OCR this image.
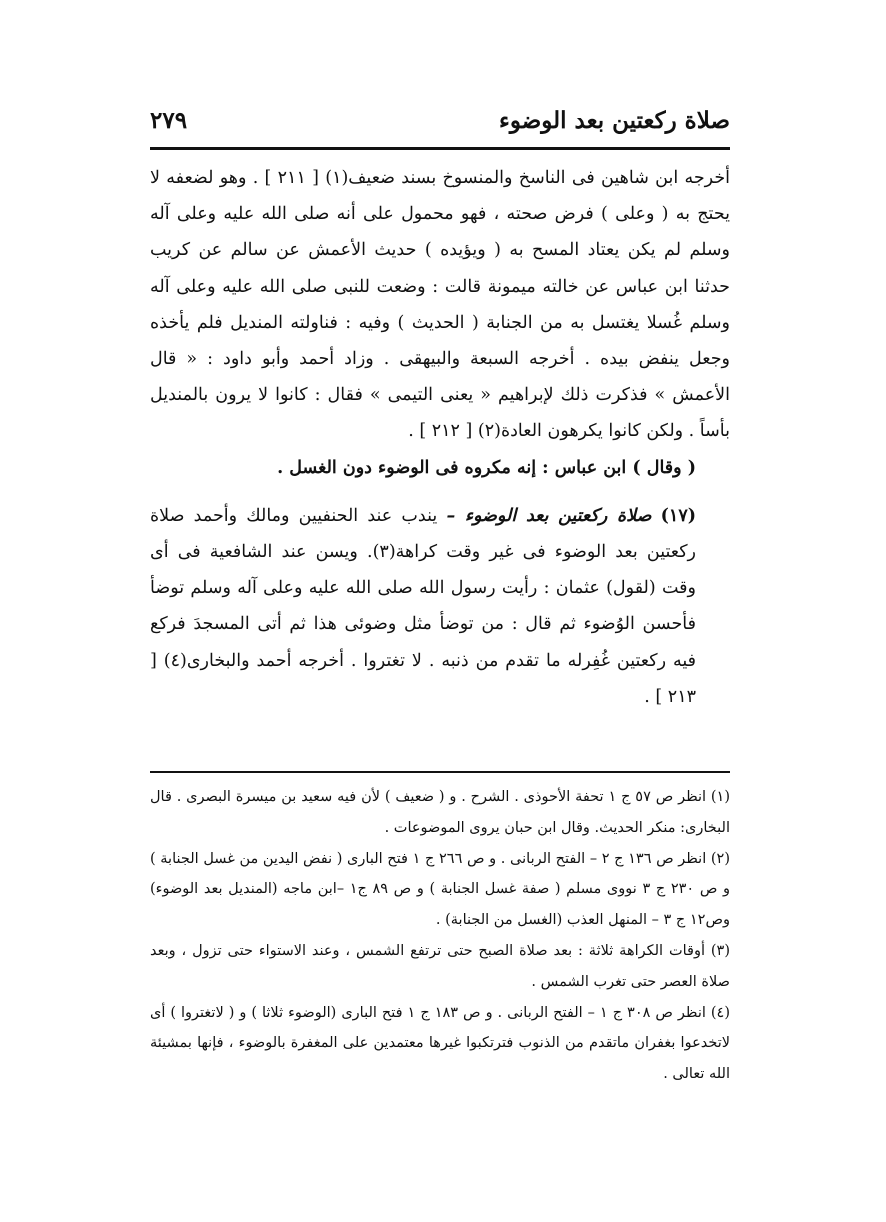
صلاة ركعتين بعد الوضوء
٢٧٩

أخرجه ابن شاهين فى الناسخ والمنسوخ بسند ضعيف(١) [ ٢١١ ] . وهو لضعفه لا يحتج به ( وعلى ) فرض صحته ، فهو محمول على أنه صلى الله عليه وعلى آله وسلم لم يكن يعتاد المسح به ( ويؤيده ) حديث الأعمش عن سالم عن كريب حدثنا ابن عباس عن خالته ميمونة قالت : وضعت للنبى صلى الله عليه وعلى آله وسلم غُسلا يغتسل به من الجنابة ( الحديث ) وفيه : فناولته المنديل فلم يأخذه وجعل ينفض بيده . أخرجه السبعة والبيهقى . وزاد أحمد وأبو داود : « قال الأعمش » فذكرت ذلك لإبراهيم « يعنى التيمى » فقال : كانوا لا يرون بالمنديل بأساً . ولكن كانوا يكرهون العادة(٢) [ ٢١٢ ] .

( وقال ) ابن عباس : إنه مكروه فى الوضوء دون الغسل .

(١٧) صلاة ركعتين بعد الوضوء – يندب عند الحنفيين ومالك وأحمد صلاة ركعتين بعد الوضوء فى غير وقت كراهة(٣). ويسن عند الشافعية فى أى وقت (لقول) عثمان : رأيت رسول الله صلى الله عليه وعلى آله وسلم توضأ فأحسن الوُضوء ثم قال : من توضأ مثل وضوئى هذا ثم أتى المسجدَ فركع فيه ركعتين غُفِرله ما تقدم من ذنبه . لا تغتروا . أخرجه أحمد والبخارى(٤) [ ٢١٣ ] .

(١) انظر ص ٥٧ ج ١ تحفة الأحوذى . الشرح . و ( ضعيف ) لأن فيه سعيد بن ميسرة البصرى . قال البخارى: منكر الحديث. وقال ابن حبان يروى الموضوعات .

(٢) انظر ص ١٣٦ ج ٢ – الفتح الربانى . و ص ٢٦٦ ج ١ فتح البارى ( نفض اليدين من غسل الجنابة ) و ص ٢٣٠ ج ٣ نووى مسلم ( صفة غسل الجنابة ) و ص ٨٩ ج١ –ابن ماجه (المنديل بعد الوضوء) وص١٢ ج ٣ – المنهل العذب (الغسل من الجنابة) .

(٣) أوقات الكراهة ثلاثة : بعد صلاة الصبح حتى ترتفع الشمس ، وعند الاستواء حتى تزول ، وبعد صلاة العصر حتى تغرب الشمس .

(٤) انظر ص ٣٠٨ ج ١ – الفتح الربانى . و ص ١٨٣ ج ١ فتح البارى (الوضوء ثلاثا ) و ( لاتغتروا ) أى لاتخدعوا بغفران ماتقدم من الذنوب فترتكبوا غيرها معتمدين على المغفرة بالوضوء ، فإنها بمشيئة الله تعالى .
